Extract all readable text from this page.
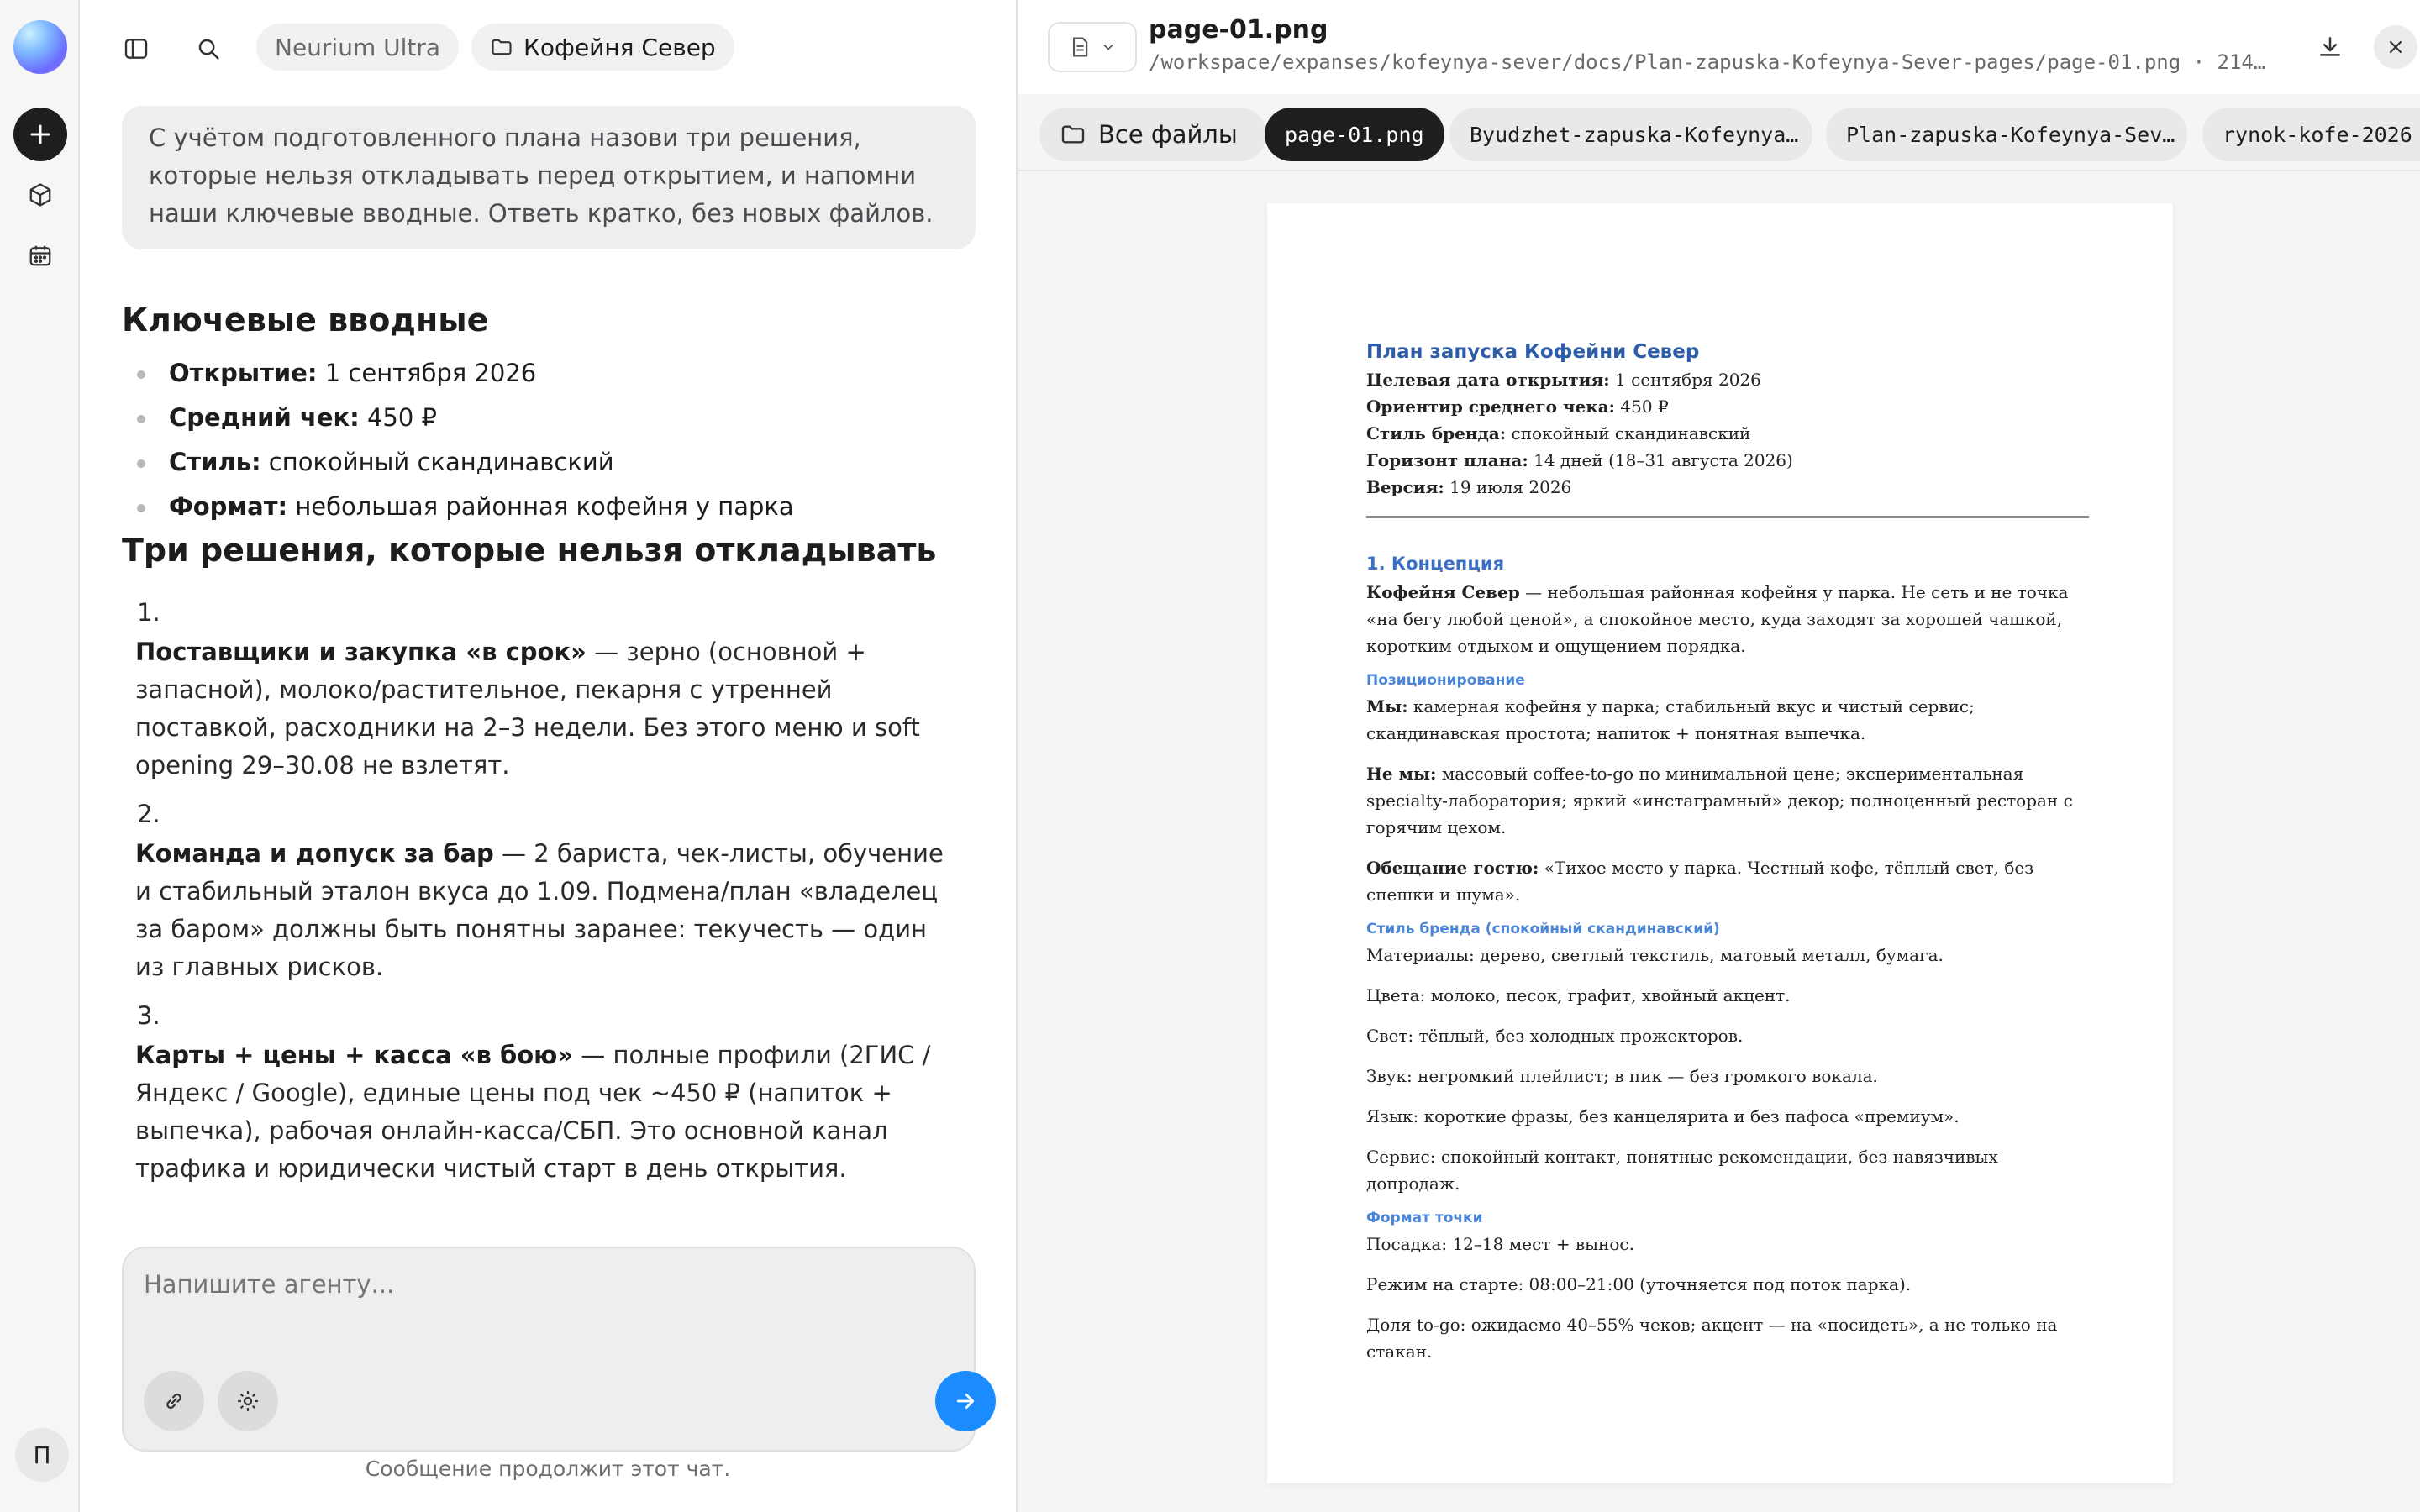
П
Neurium Ultra	Кофейня Север
С учётом подготовленного плана назови три решения, которые нельзя откладывать перед открытием, и напомни наши ключевые вводные. Ответь кратко, без новых файлов.
Ключевые вводные
Открытие: 1 сентября 2026
Средний чек: 450 ₽
Стиль: спокойный скандинавский
Формат: небольшая районная кофейня у парка
Три решения, которые нельзя откладывать
1.
Поставщики и закупка «в срок» — зерно (основной + запасной), молоко/растительное, пекарня с утренней поставкой, расходники на 2–3 недели. Без этого меню и soft opening 29–30.08 не взлетят.
2.
Команда и допуск за бар — 2 бариста, чек-листы, обучение и стабильный эталон вкуса до 1.09. Подмена/план «владелец за баром» должны быть понятны заранее: текучесть — один из главных рисков.
3.
Карты + цены + касса «в бою» — полные профили (2ГИС / Яндекс / Google), единые цены под чек ~450 ₽ (напиток + выпечка), рабочая онлайн-касса/СБП. Это основной канал трафика и юридически чистый старт в день открытия.
Напишите агенту...
Сообщение продолжит этот чат.
page-01.png
/workspace/expanses/kofeynya-sever/docs/Plan-zapuska-Kofeynya-Sever-pages/page-01.png · 214…
Все файлы page-01.png Byudzhet-zapuska-Kofeynya… Plan-zapuska-Kofeynya-Sev… rynok-kofe-2026
План запуска Кофейни Север
Целевая дата открытия: 1 сентября 2026
Ориентир среднего чека: 450 ₽
Стиль бренда: спокойный скандинавский
Горизонт плана: 14 дней (18–31 августа 2026)
Версия: 19 июля 2026
1. Концепция

Кофейня Север — небольшая районная кофейня у парка. Не сеть и не точка «на бегу любой ценой», а спокойное место, куда заходят за хорошей чашкой, коротким отдыхом и ощущением порядка.

Позиционирование

Мы: камерная кофейня у парка; стабильный вкус и чистый сервис; скандинавская простота; напиток + понятная выпечка.

Не мы: массовый coffee-to-go по минимальной цене; экспериментальная specialty-лаборатория; яркий «инстаграмный» декор; полноценный ресторан с горячим цехом.

Обещание гостю: «Тихое место у парка. Честный кофе, тёплый свет, без спешки и шума».

Стиль бренда (спокойный скандинавский)

Материалы: дерево, светлый текстиль, матовый металл, бумага.

Цвета: молоко, песок, графит, хвойный акцент.

Свет: тёплый, без холодных прожекторов.

Звук: негромкий плейлист; в пик — без громкого вокала.

Язык: короткие фразы, без канцелярита и без пафоса «премиум».

Сервис: спокойный контакт, понятные рекомендации, без навязчивых допродаж.

Формат точки

Посадка: 12–18 мест + вынос.

Режим на старте: 08:00–21:00 (уточняется под поток парка).

Доля to-go: ожидаемо 40–55% чеков; акцент — на «посидеть», а не только на стакан.
